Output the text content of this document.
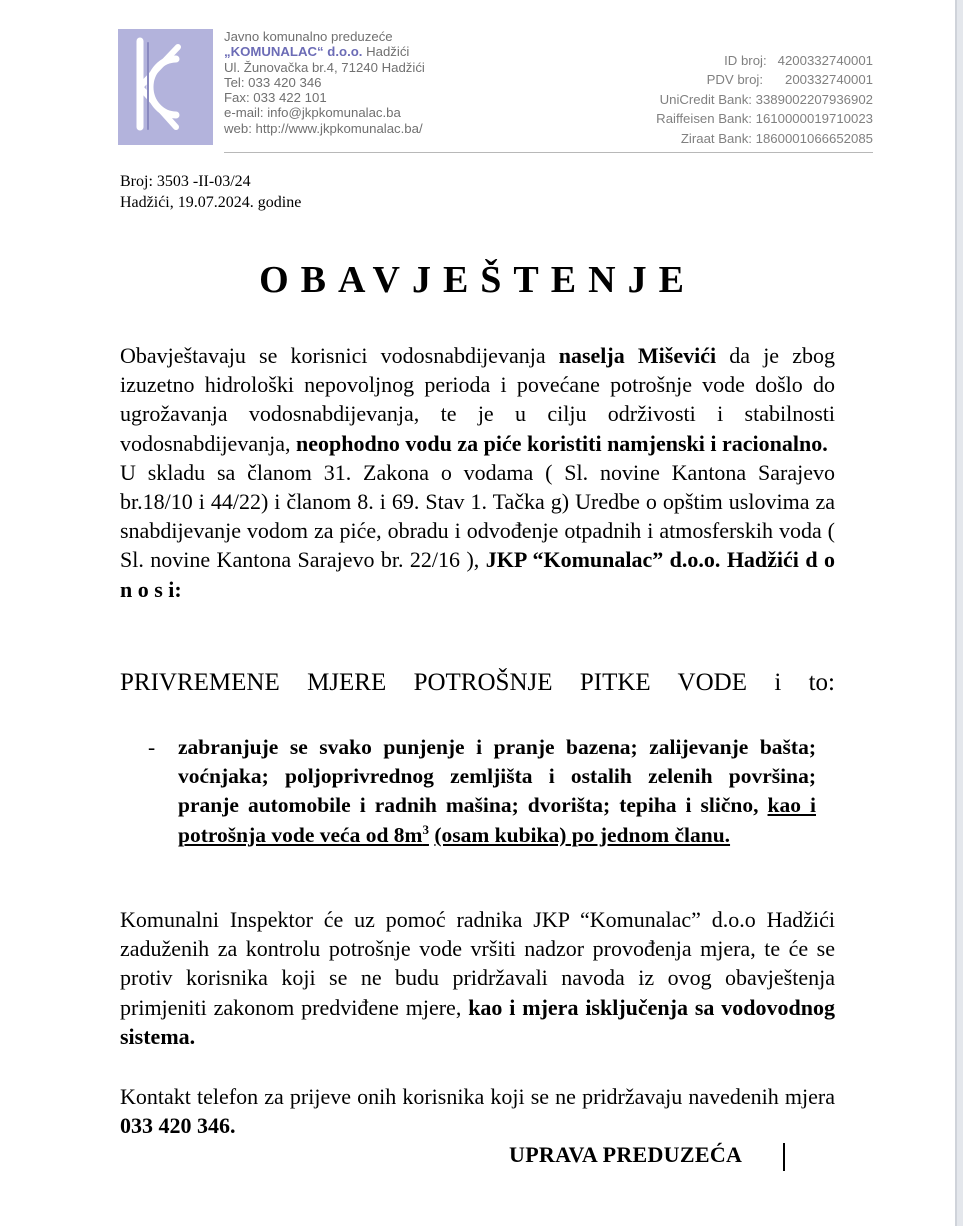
Javno komunalno preduzeće
„KOMUNALAC“ d.o.o. Hadžići
Ul. Žunovačka br.4, 71240 Hadžići
Tel: 033 420 346
Fax: 033 422 101
e-mail: info@jkpkomunalac.ba
web: http://www.jkpkomunalac.ba/
ID broj: 4200332740001
PDV broj: 200332740001
UniCredit Bank: 3389002207936902
Raiffeisen Bank: 1610000019710023
Ziraat Bank: 1860001066652085
Broj: 3503 -II-03/24
Hadžići, 19.07.2024. godine
OBAVJEŠTENJE
Obavještavaju se korisnici vodosnabdijevanja naselja Miševići da je zbog izuzetno hidrološki nepovoljnog perioda i povećane potrošnje vode došlo do ugrožavanja vodosnabdijevanja, te je u cilju održivosti i stabilnosti vodosnabdijevanja, neophodno vodu za piće koristiti namjenski i racionalno.
U skladu sa članom 31. Zakona o vodama ( Sl. novine Kantona Sarajevo br.18/10 i 44/22) i članom 8. i 69. Stav 1. Tačka g) Uredbe o opštim uslovima za snabdijevanje vodom za piće, obradu i odvođenje otpadnih i atmosferskih voda ( Sl. novine Kantona Sarajevo br. 22/16 ), JKP “Komunalac” d.o.o. Hadžići d o n o s i:
PRIVREMENE MJERE POTROŠNJE PITKE VODE i to:
- zabranjuje se svako punjenje i pranje bazena; zalijevanje bašta; voćnjaka; poljoprivrednog zemljišta i ostalih zelenih površina; pranje automobile i radnih mašina; dvorišta; tepiha i slično, kao i potrošnja vode veća od $8m^3$ (osam kubika) po jednom članu.
Komunalni Inspektor će uz pomoć radnika JKP “Komunalac” d.o.o Hadžići zaduženih za kontrolu potrošnje vode vršiti nadzor provođenja mjera, te će se protiv korisnika koji se ne budu pridržavali navoda iz ovog obavještenja primjeniti zakonom predviđene mjere, kao i mjera isključenja sa vodovodnog sistema.
Kontakt telefon za prijeve onih korisnika koji se ne pridržavaju navedenih mjera 033 420 346.
UPRAVA PREDUZEĆA
